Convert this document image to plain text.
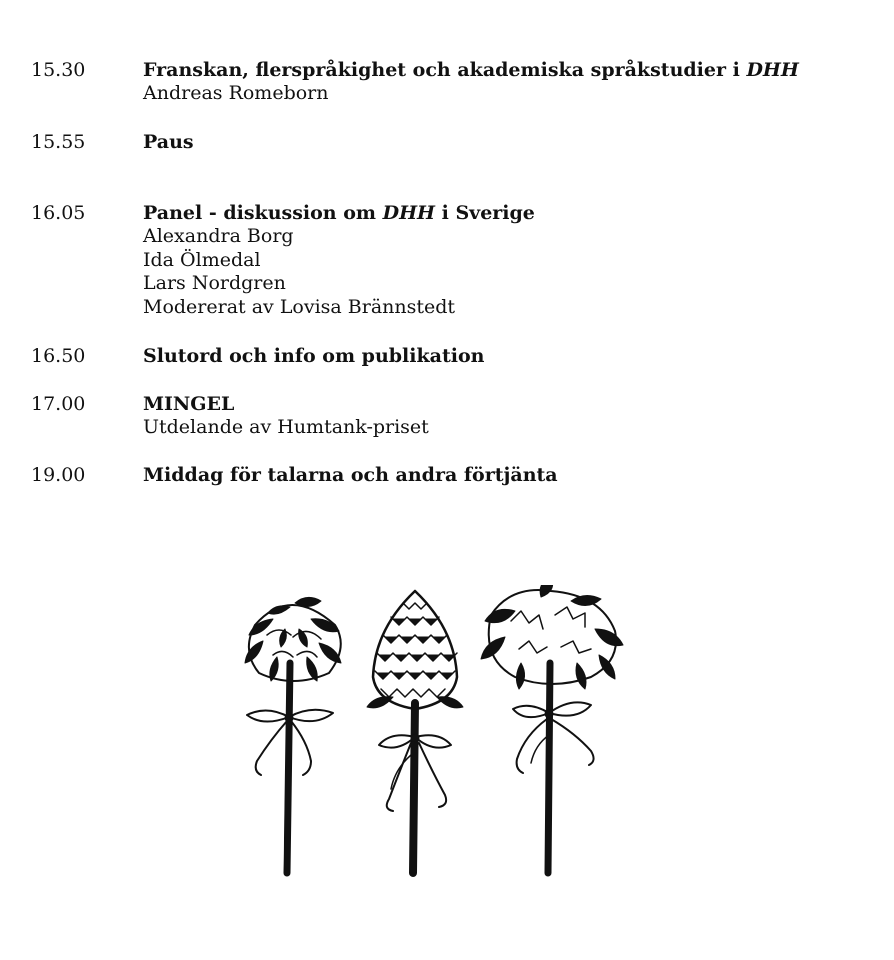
15.30	Franskan, flerspråkighet och akademiska språkstudier i DHH
Andreas Romeborn
15.55	Paus
16.05	Panel - diskussion om DHH i Sverige
Alexandra Borg
Ida Ölmedal
Lars Nordgren
Modererat av Lovisa Brännstedt
16.50	Slutord och info om publikation
17.00	MINGEL
Utdelande av Humtank-priset
19.00	Middag för talarna och andra förtjänta
